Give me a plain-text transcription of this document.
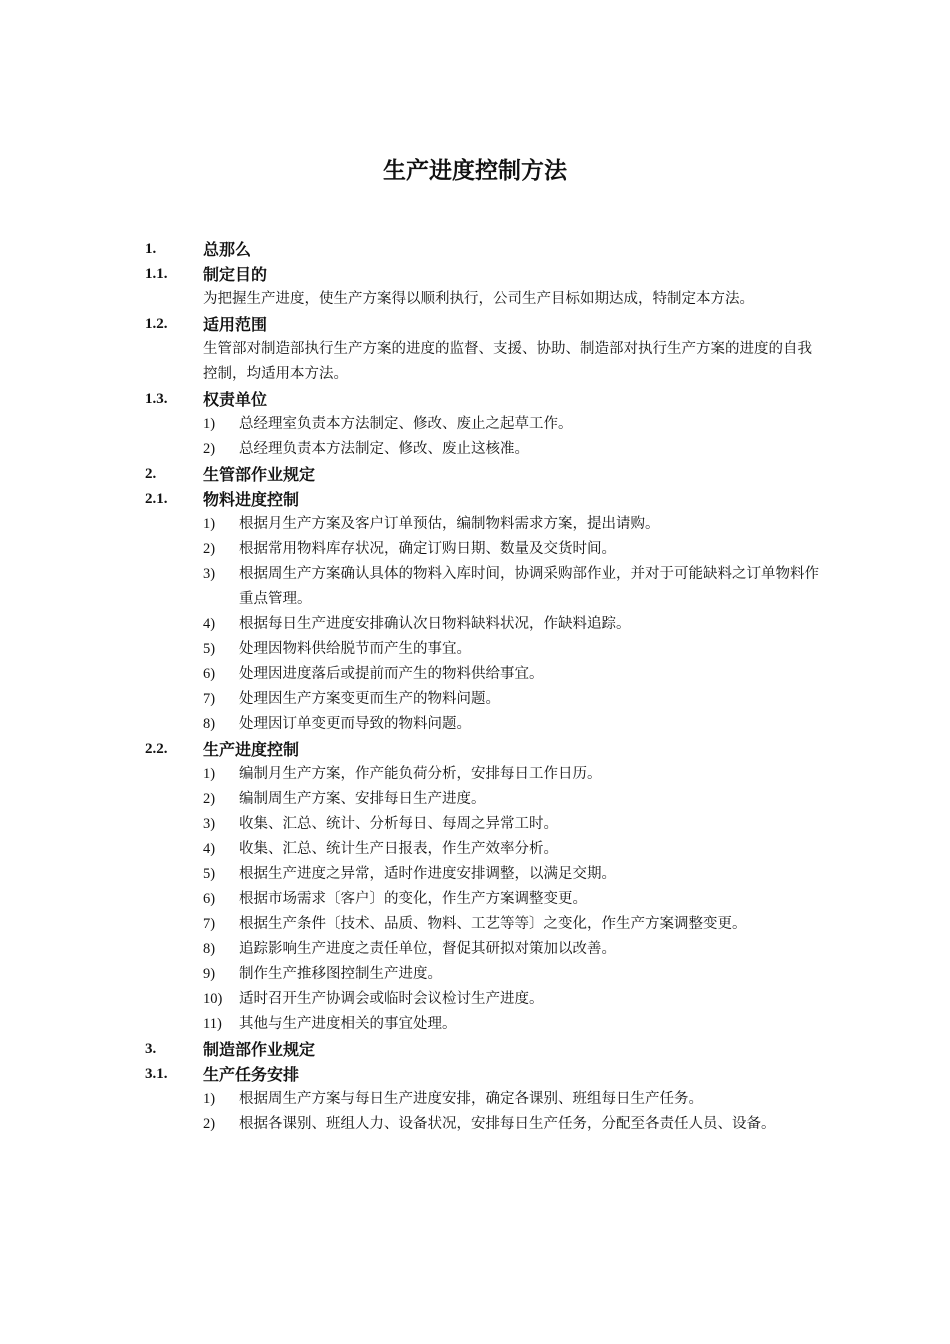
生产进度控制方法
1.	总那么
1.1. 制定目的
为把握生产进度，使生产方案得以顺利执行，公司生产目标如期达成，特制定本方法。
1.2. 适用范围
生管部对制造部执行生产方案的进度的监督、支援、协助、制造部对执行生产方案的进度的自我控制，均适用本方法。
1.3. 权责单位
1) 总经理室负责本方法制定、修改、废止之起草工作。
2) 总经理负责本方法制定、修改、废止这核准。
2.	生管部作业规定
2.1. 物料进度控制
1) 根据月生产方案及客户订单预估，编制物料需求方案，提出请购。
2) 根据常用物料库存状况，确定订购日期、数量及交货时间。
3) 根据周生产方案确认具体的物料入库时间，协调采购部作业，并对于可能缺料之订单物料作重点管理。
4) 根据每日生产进度安排确认次日物料缺料状况，作缺料追踪。
5) 处理因物料供给脱节而产生的事宜。
6) 处理因进度落后或提前而产生的物料供给事宜。
7) 处理因生产方案变更而生产的物料问题。
8) 处理因订单变更而导致的物料问题。
2.2. 生产进度控制
1) 编制月生产方案，作产能负荷分析，安排每日工作日历。
2) 编制周生产方案、安排每日生产进度。
3) 收集、汇总、统计、分析每日、每周之异常工时。
4) 收集、汇总、统计生产日报表，作生产效率分析。
5) 根据生产进度之异常，适时作进度安排调整，以满足交期。
6) 根据市场需求〔客户〕的变化，作生产方案调整变更。
7) 根据生产条件〔技术、品质、物料、工艺等等〕之变化，作生产方案调整变更。
8) 追踪影响生产进度之责任单位，督促其研拟对策加以改善。
9) 制作生产推移图控制生产进度。
10) 适时召开生产协调会或临时会议检讨生产进度。
11) 其他与生产进度相关的事宜处理。
3.	制造部作业规定
3.1. 生产任务安排
1) 根据周生产方案与每日生产进度安排，确定各课别、班组每日生产任务。
2) 根据各课别、班组人力、设备状况，安排每日生产任务，分配至各责任人员、设备。
